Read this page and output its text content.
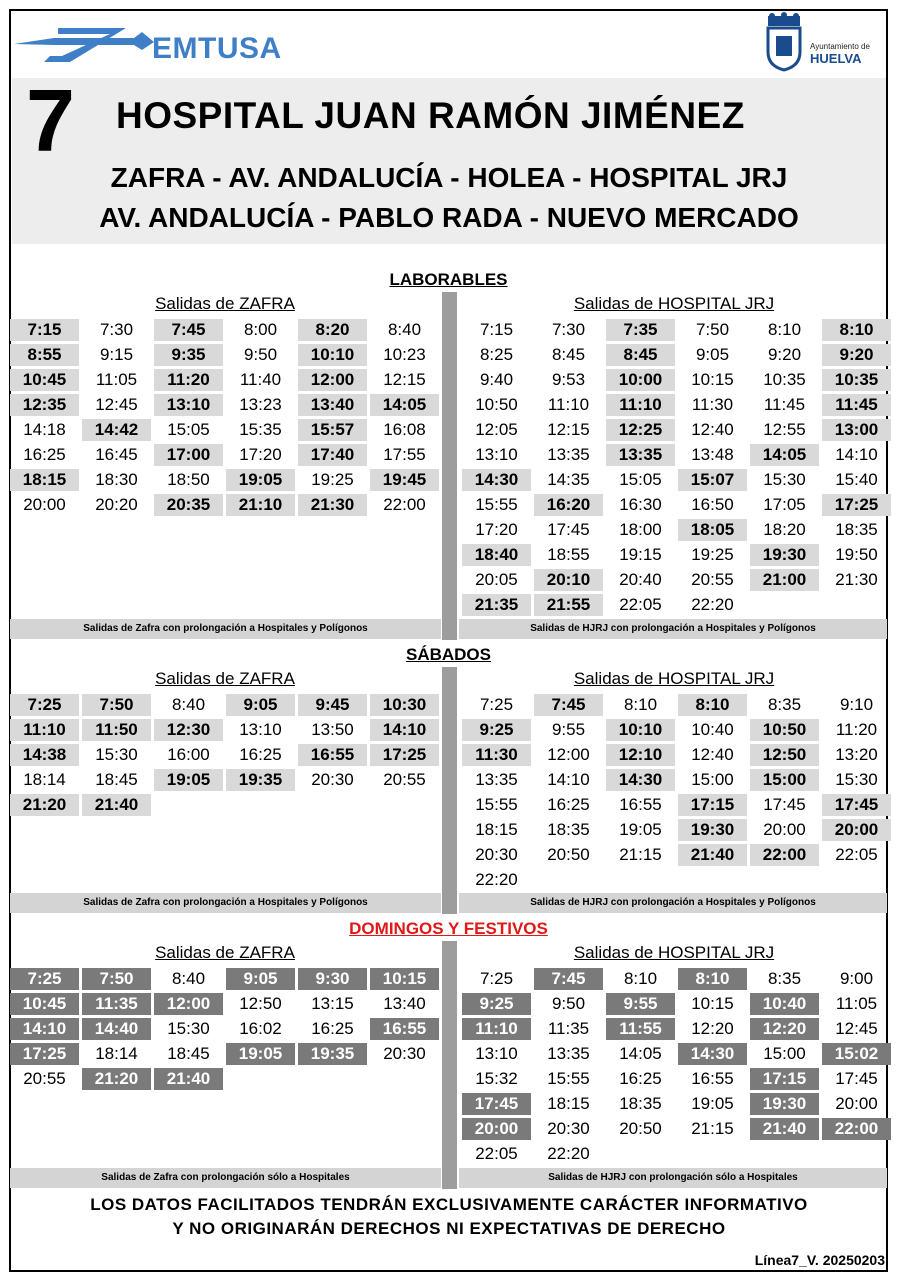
EMTUSA	Ayuntamiento de
HUELVA
7 HOSPITAL JUAN RAMÓN JIMÉNEZ
ZAFRA - AV. ANDALUCÍA - HOLEA - HOSPITAL JRJ
AV. ANDALUCÍA - PABLO RADA - NUEVO MERCADO
LABORABLES
Salidas de ZAFRA	Salidas de HOSPITAL JRJ
7:15	7:30	7:45	8:00	8:20	8:40
8:55	9:15	9:35	9:50	10:10	10:23
10:45	11:05	11:20	11:40	12:00	12:15
12:35	12:45	13:10	13:23	13:40	14:05
14:18	14:42	15:05	15:35	15:57	16:08
16:25	16:45	17:00	17:20	17:40	17:55
18:15	18:30	18:50	19:05	19:25	19:45
20:00	20:20	20:35	21:10	21:30	22:00
7:15	7:30	7:35	7:50	8:10	8:10
8:25	8:45	8:45	9:05	9:20	9:20
9:40	9:53	10:00	10:15	10:35	10:35
10:50	11:10	11:10	11:30	11:45	11:45
12:05	12:15	12:25	12:40	12:55	13:00
13:10	13:35	13:35	13:48	14:05	14:10
14:30	14:35	15:05	15:07	15:30	15:40
15:55	16:20	16:30	16:50	17:05	17:25
17:20	17:45	18:00	18:05	18:20	18:35
18:40	18:55	19:15	19:25	19:30	19:50
20:05	20:10	20:40	20:55	21:00	21:30
21:35	21:55	22:05	22:20
Salidas de Zafra con prolongación a Hospitales y Polígonos	Salidas de HJRJ con prolongación a Hospitales y Polígonos
SÁBADOS
Salidas de ZAFRA	Salidas de HOSPITAL JRJ
7:25	7:50	8:40	9:05	9:45	10:30
11:10	11:50	12:30	13:10	13:50	14:10
14:38	15:30	16:00	16:25	16:55	17:25
18:14	18:45	19:05	19:35	20:30	20:55
21:20	21:40
7:25	7:45	8:10	8:10	8:35	9:10
9:25	9:55	10:10	10:40	10:50	11:20
11:30	12:00	12:10	12:40	12:50	13:20
13:35	14:10	14:30	15:00	15:00	15:30
15:55	16:25	16:55	17:15	17:45	17:45
18:15	18:35	19:05	19:30	20:00	20:00
20:30	20:50	21:15	21:40	22:00	22:05
22:20
Salidas de Zafra con prolongación a Hospitales y Polígonos	Salidas de HJRJ con prolongación a Hospitales y Polígonos
DOMINGOS Y FESTIVOS
Salidas de ZAFRA	Salidas de HOSPITAL JRJ
7:25	7:50	8:40	9:05	9:30	10:15
10:45	11:35	12:00	12:50	13:15	13:40
14:10	14:40	15:30	16:02	16:25	16:55
17:25	18:14	18:45	19:05	19:35	20:30
20:55	21:20	21:40
7:25	7:45	8:10	8:10	8:35	9:00
9:25	9:50	9:55	10:15	10:40	11:05
11:10	11:35	11:55	12:20	12:20	12:45
13:10	13:35	14:05	14:30	15:00	15:02
15:32	15:55	16:25	16:55	17:15	17:45
17:45	18:15	18:35	19:05	19:30	20:00
20:00	20:30	20:50	21:15	21:40	22:00
22:05	22:20
Salidas de Zafra con prolongación sólo a Hospitales	Salidas de HJRJ con prolongación sólo a Hospitales
LOS DATOS FACILITADOS TENDRÁN EXCLUSIVAMENTE CARÁCTER INFORMATIVO
Y NO ORIGINARÁN DERECHOS NI EXPECTATIVAS DE DERECHO
Línea7_V. 20250203
